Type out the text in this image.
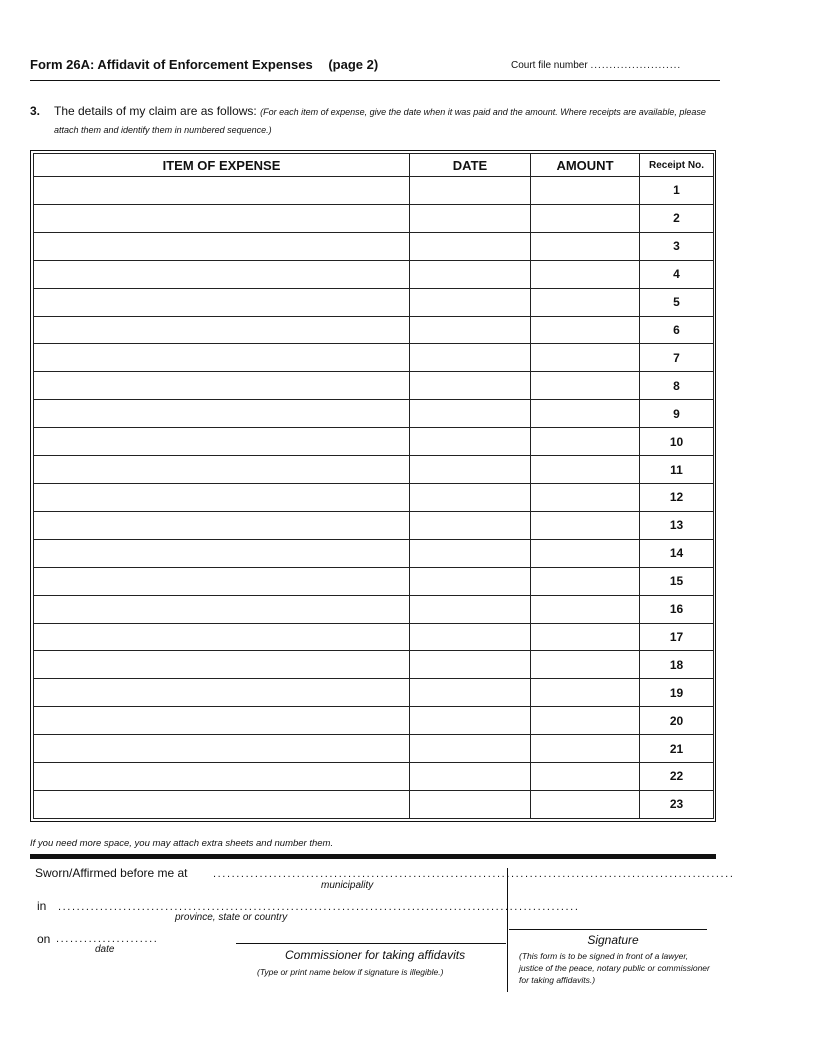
Form 26A: Affidavit of Enforcement Expenses (page 2)	Court file number ........................
3. The details of my claim are as follows: (For each item of expense, give the date when it was paid and the amount. Where receipts are available, please attach them and identify them in numbered sequence.)
ITEM OF EXPENSE	DATE	AMOUNT	Receipt No.
			1
			2
			3
			4
			5
			6
			7
			8
			9
			10
			11
			12
			13
			14
			15
			16
			17
			18
			19
			20
			21
			22
			23
If you need more space, you may attach extra sheets and number them.
Sworn/Affirmed before me at ................................................................................................................
municipality
in ................................................................................................................
province, state or country
on ......................
date	Commissioner for taking affidavits
(Type or print name below if signature is illegible.)
Signature
(This form is to be signed in front of a lawyer, justice of the peace, notary public or commissioner for taking affidavits.)
